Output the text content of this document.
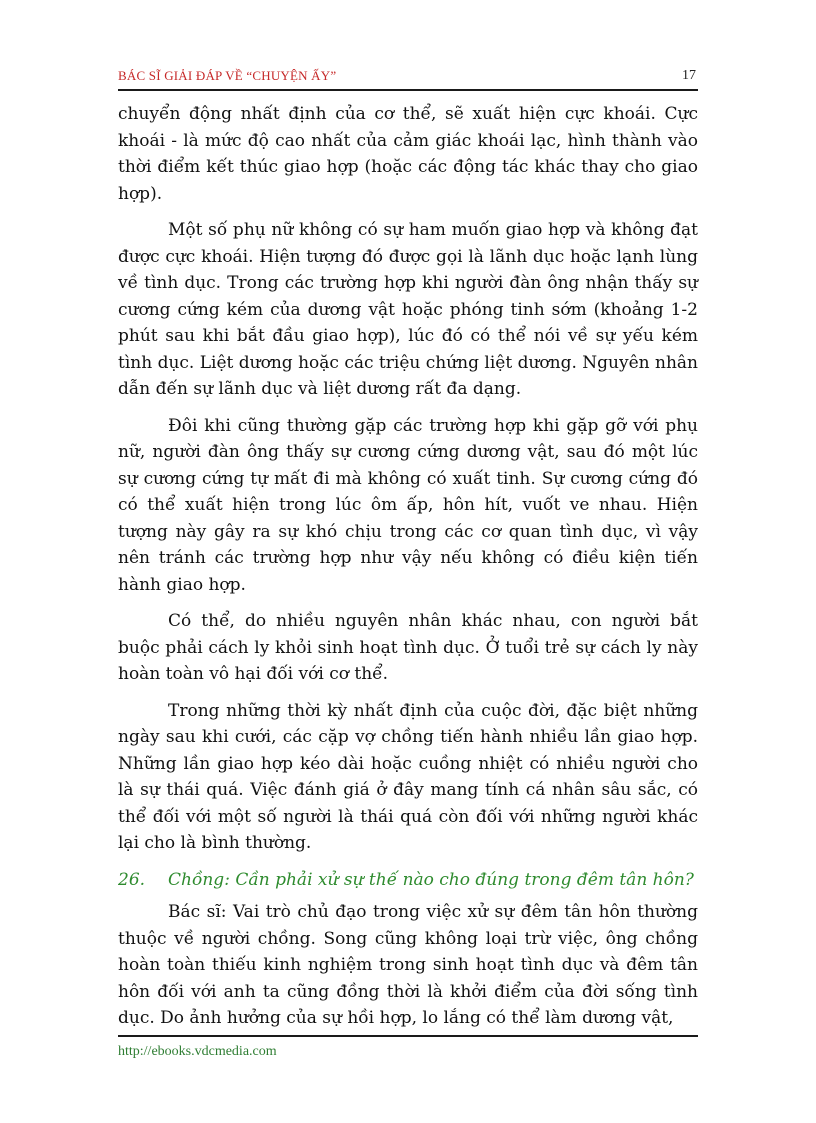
BÁC SĨ GIẢI ĐÁP VỀ “CHUYỆN ẤY”	17

chuyển động nhất định của cơ thể, sẽ xuất hiện cực khoái. Cực khoái - là mức độ cao nhất của cảm giác khoái lạc, hình thành vào thời điểm kết thúc giao hợp (hoặc các động tác khác thay cho giao hợp).

Một số phụ nữ không có sự ham muốn giao hợp và không đạt được cực khoái. Hiện tượng đó được gọi là lãnh dục hoặc lạnh lùng về tình dục. Trong các trường hợp khi người đàn ông nhận thấy sự cương cứng kém của dương vật hoặc phóng tinh sớm (khoảng 1-2 phút sau khi bắt đầu giao hợp), lúc đó có thể nói về sự yếu kém tình dục. Liệt dương hoặc các triệu chứng liệt dương. Nguyên nhân dẫn đến sự lãnh dục và liệt dương rất đa dạng.

Đôi khi cũng thường gặp các trường hợp khi gặp gỡ với phụ nữ, người đàn ông thấy sự cương cứng dương vật, sau đó một lúc sự cương cứng tự mất đi mà không có xuất tinh. Sự cương cứng đó có thể xuất hiện trong lúc ôm ấp, hôn hít, vuốt ve nhau. Hiện tượng này gây ra sự khó chịu trong các cơ quan tình dục, vì vậy nên tránh các trường hợp như vậy nếu không có điều kiện tiến hành giao hợp.

Có thể, do nhiều nguyên nhân khác nhau, con người bắt buộc phải cách ly khỏi sinh hoạt tình dục. Ở tuổi trẻ sự cách ly này hoàn toàn vô hại đối với cơ thể.

Trong những thời kỳ nhất định của cuộc đời, đặc biệt những ngày sau khi cưới, các cặp vợ chồng tiến hành nhiều lần giao hợp. Những lần giao hợp kéo dài hoặc cuồng nhiệt có nhiều người cho là sự thái quá. Việc đánh giá ở đây mang tính cá nhân sâu sắc, có thể đối với một số người là thái quá còn đối với những người khác lại cho là bình thường.

26. Chồng: Cần phải xử sự thế nào cho đúng trong đêm tân hôn?

Bác sĩ: Vai trò chủ đạo trong việc xử sự đêm tân hôn thường thuộc về người chồng. Song cũng không loại trừ việc, ông chồng hoàn toàn thiếu kinh nghiệm trong sinh hoạt tình dục và đêm tân hôn đối với anh ta cũng đồng thời là khởi điểm của đời sống tình dục. Do ảnh hưởng của sự hồi hợp, lo lắng có thể làm dương vật,

http://ebooks.vdcmedia.com
